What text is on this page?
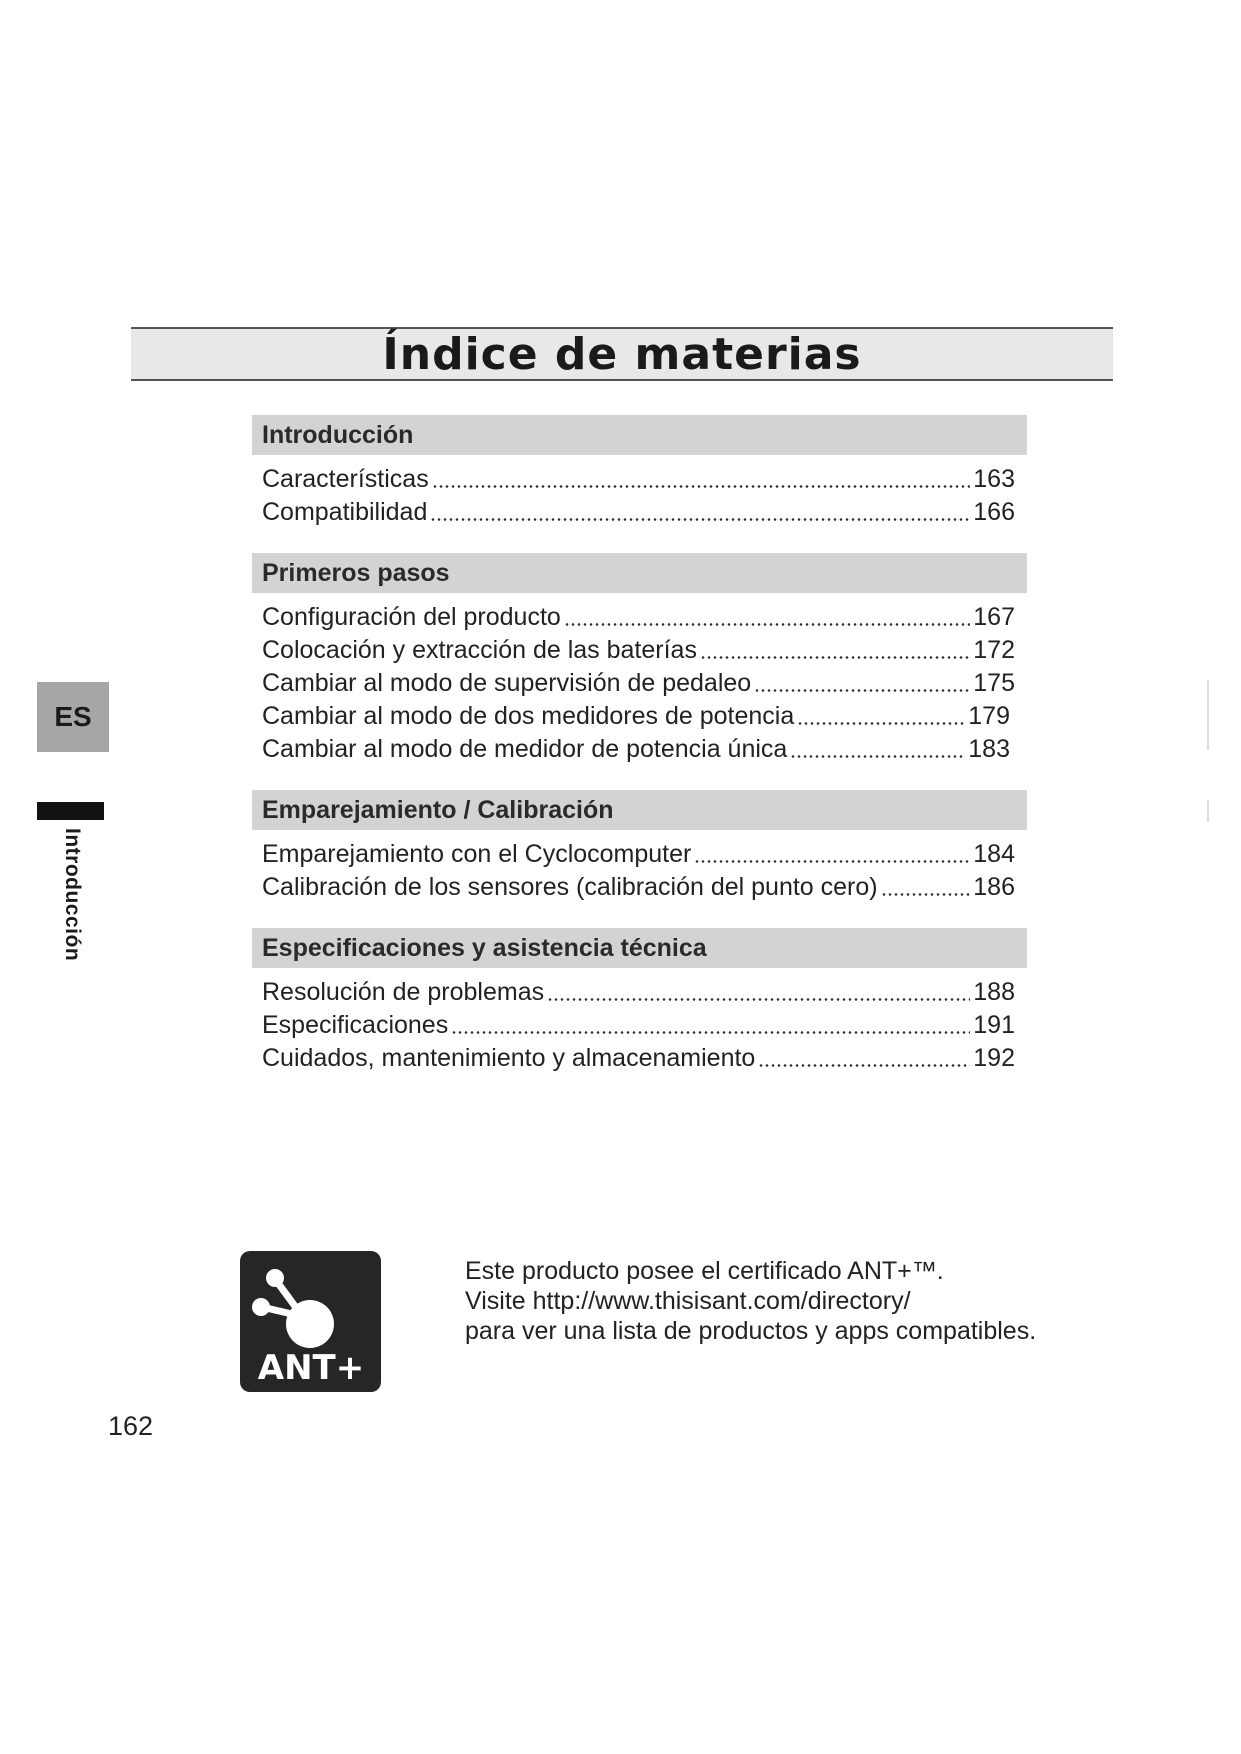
Índice de materias
Introducción
Características	163
Compatibilidad	166
Primeros pasos
Configuración del producto	167
Colocación y extracción de las baterías	172
Cambiar al modo de supervisión de pedaleo	175
Cambiar al modo de dos medidores de potencia	179
Cambiar al modo de medidor de potencia única	183
Emparejamiento / Calibración
Emparejamiento con el Cyclocomputer	184
Calibración de los sensores (calibración del punto cero)	186
Especificaciones y asistencia técnica
Resolución de problemas	188
Especificaciones	191
Cuidados, mantenimiento y almacenamiento	192
ES
Introducción
ANT+
Este producto posee el certificado ANT+™.
Visite http://www.thisisant.com/directory/
para ver una lista de productos y apps compatibles.
162
